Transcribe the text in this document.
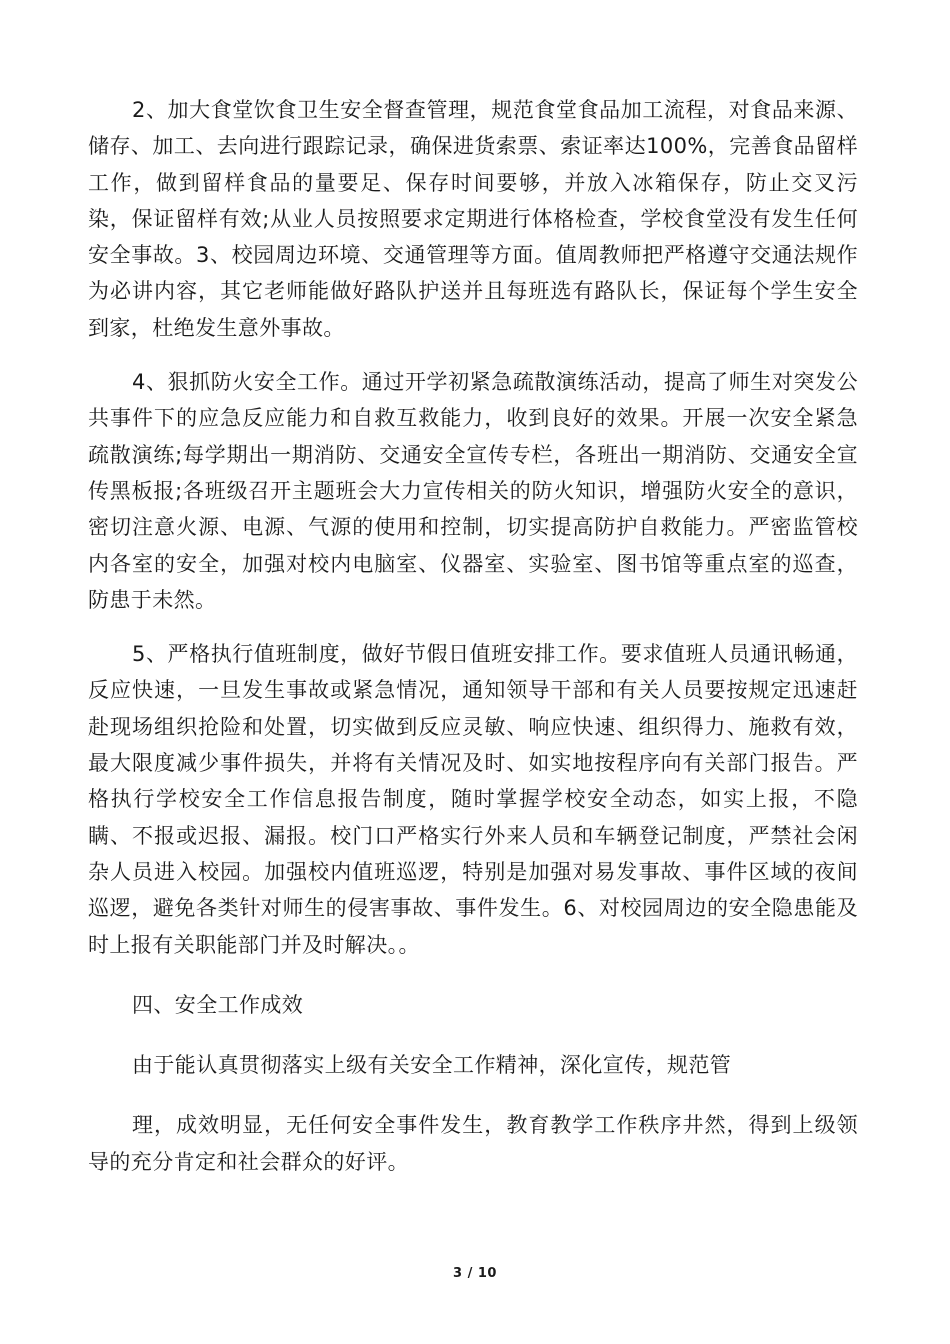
2、加大食堂饮食卫生安全督查管理，规范食堂食品加工流程，对食品来源、储存、加工、去向进行跟踪记录，确保进货索票、索证率达100%，完善食品留样工作，做到留样食品的量要足、保存时间要够，并放入冰箱保存，防止交叉污染，保证留样有效;从业人员按照要求定期进行体格检查，学校食堂没有发生任何安全事故。3、校园周边环境、交通管理等方面。值周教师把严格遵守交通法规作为必讲内容，其它老师能做好路队护送并且每班选有路队长，保证每个学生安全到家，杜绝发生意外事故。

4、狠抓防火安全工作。通过开学初紧急疏散演练活动，提高了师生对突发公共事件下的应急反应能力和自救互救能力，收到良好的效果。开展一次安全紧急疏散演练;每学期出一期消防、交通安全宣传专栏，各班出一期消防、交通安全宣传黑板报;各班级召开主题班会大力宣传相关的防火知识，增强防火安全的意识，密切注意火源、电源、气源的使用和控制，切实提高防护自救能力。严密监管校内各室的安全，加强对校内电脑室、仪器室、实验室、图书馆等重点室的巡查，防患于未然。

5、严格执行值班制度，做好节假日值班安排工作。要求值班人员通讯畅通，反应快速，一旦发生事故或紧急情况，通知领导干部和有关人员要按规定迅速赶赴现场组织抢险和处置，切实做到反应灵敏、响应快速、组织得力、施救有效，最大限度减少事件损失，并将有关情况及时、如实地按程序向有关部门报告。严格执行学校安全工作信息报告制度，随时掌握学校安全动态，如实上报，不隐瞒、不报或迟报、漏报。校门口严格实行外来人员和车辆登记制度，严禁社会闲杂人员进入校园。加强校内值班巡逻，特别是加强对易发事故、事件区域的夜间巡逻，避免各类针对师生的侵害事故、事件发生。6、对校园周边的安全隐患能及时上报有关职能部门并及时解决。。

四、安全工作成效

由于能认真贯彻落实上级有关安全工作精神，深化宣传，规范管

理，成效明显，无任何安全事件发生，教育教学工作秩序井然，得到上级领导的充分肯定和社会群众的好评。

3 / 10
